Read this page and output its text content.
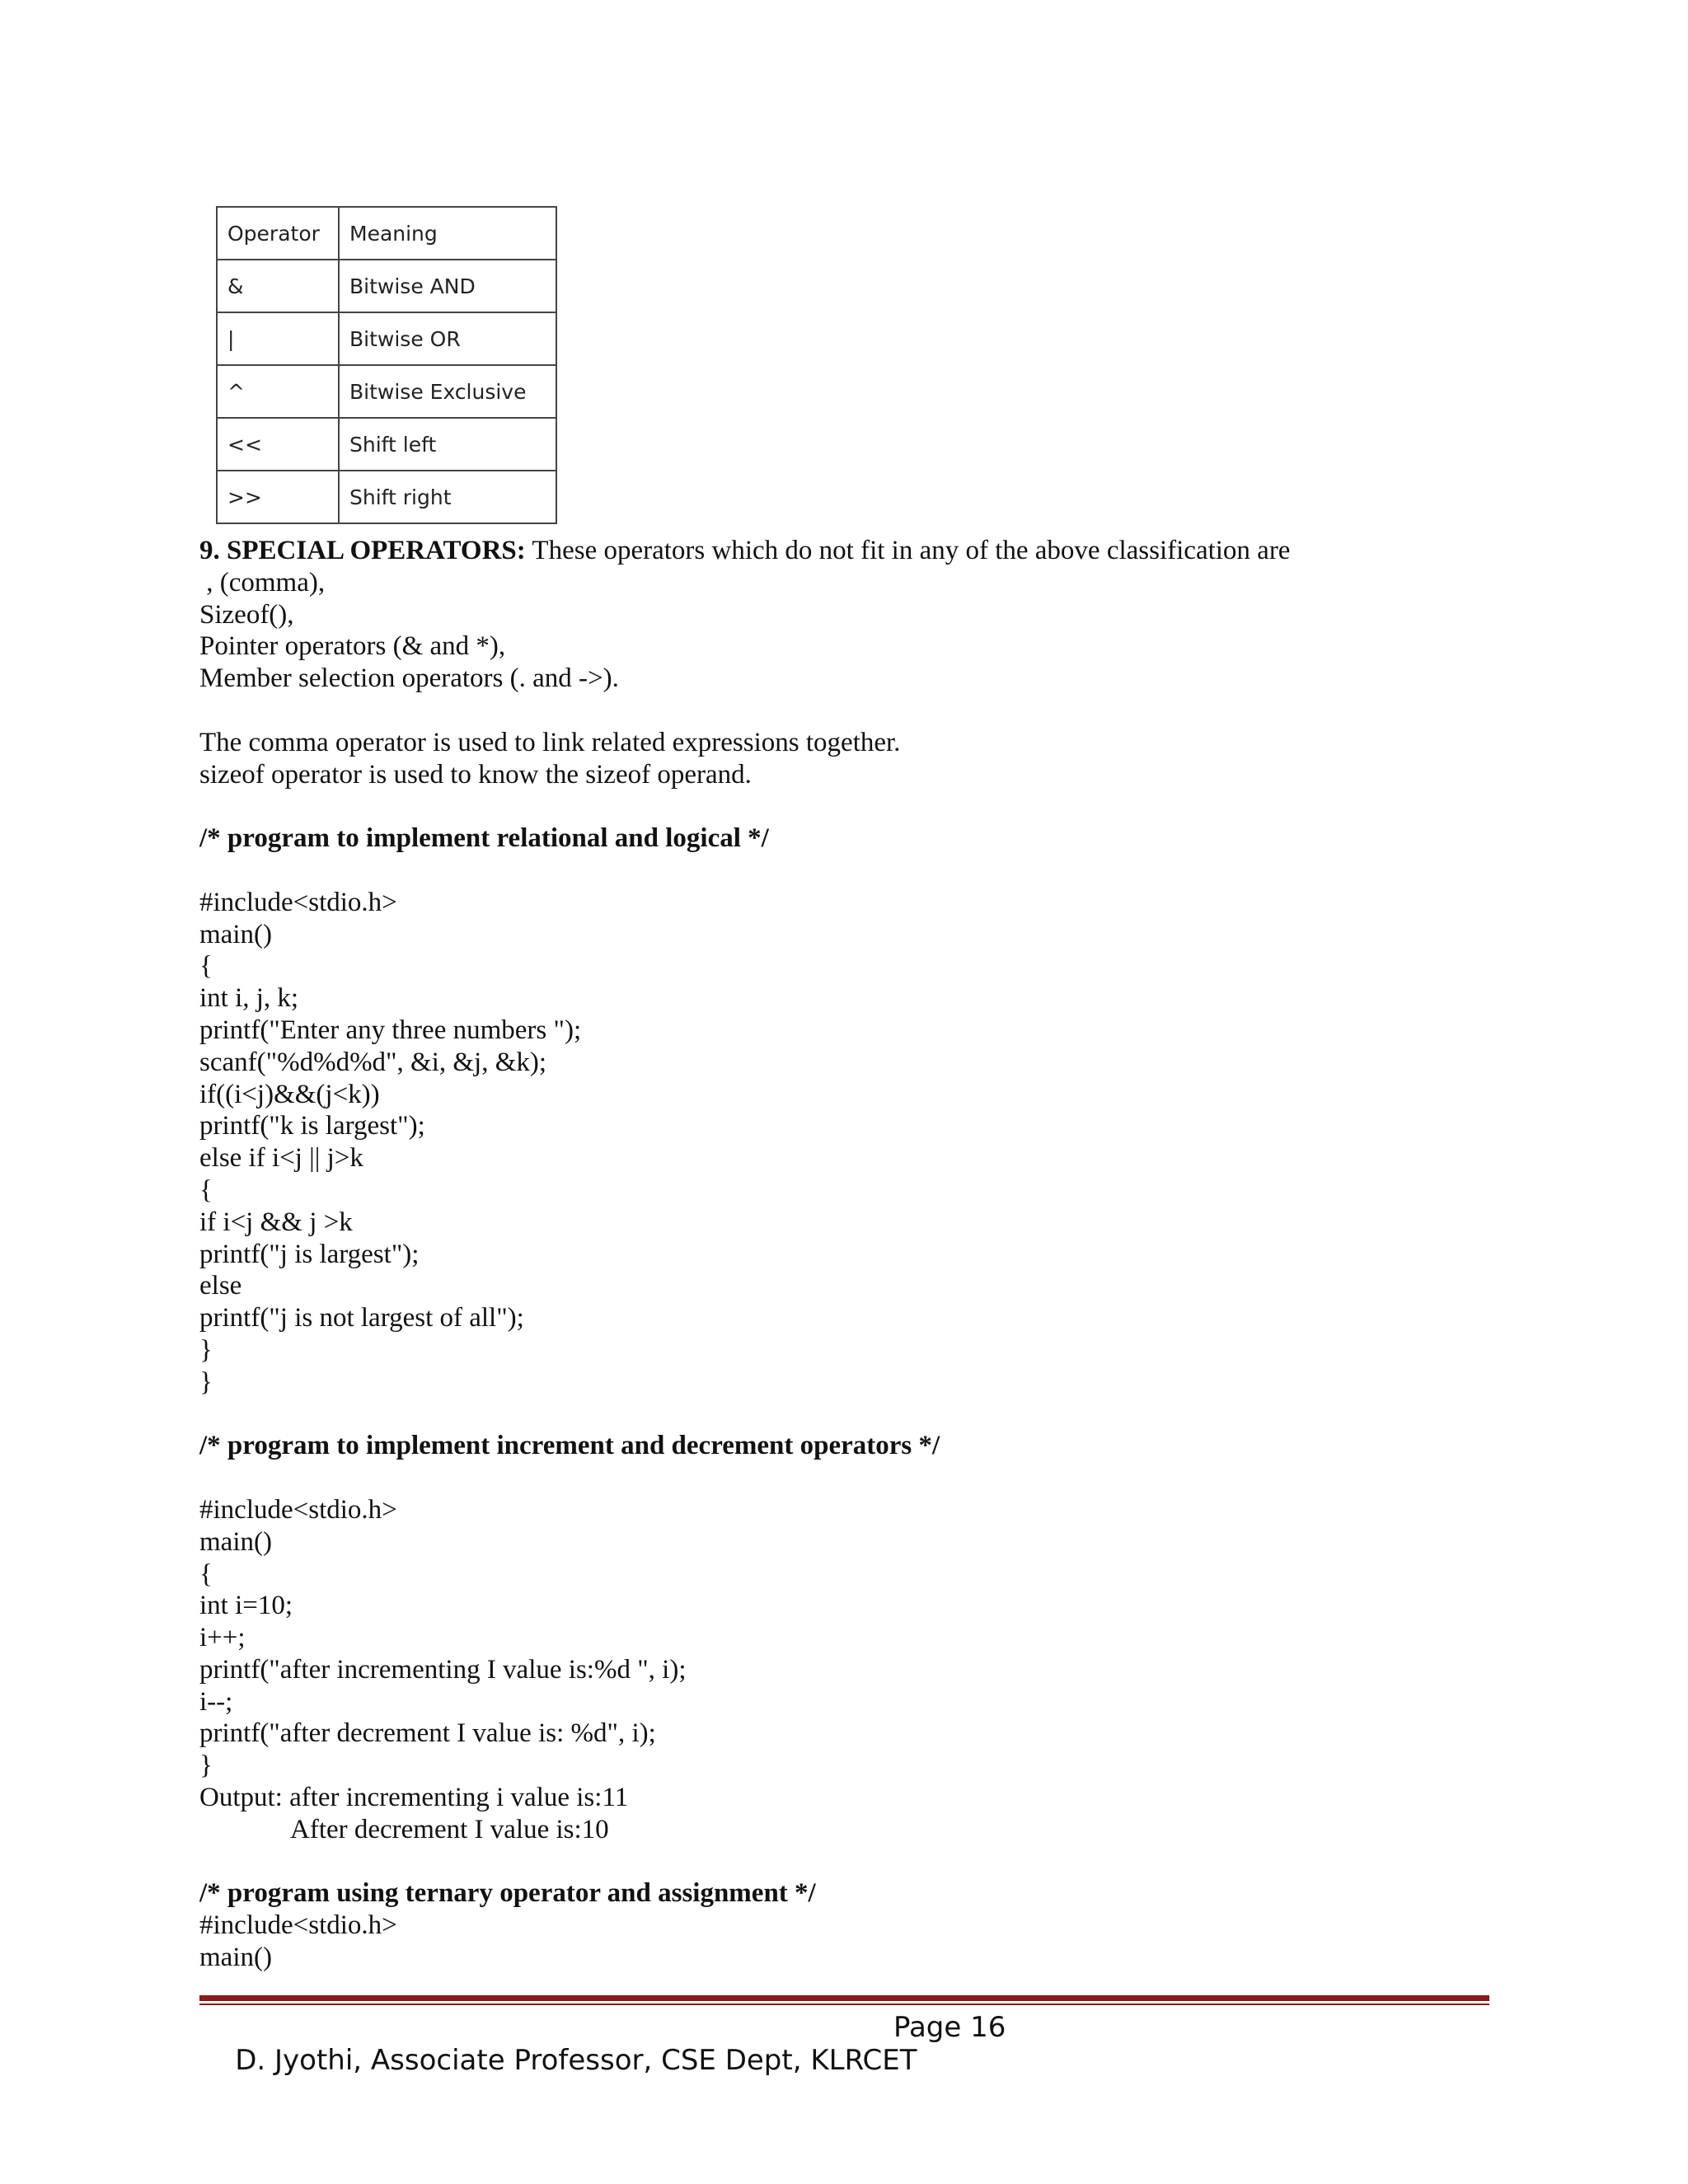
Operator	Meaning
&	Bitwise AND
|	Bitwise OR
^	Bitwise Exclusive
<<	Shift left
>>	Shift right
9. SPECIAL OPERATORS: These operators which do not fit in any of the above classification are
, (comma),
Sizeof(),
Pointer operators (& and *),
Member selection operators (. and ->).
The comma operator is used to link related expressions together.
sizeof operator is used to know the sizeof operand.
/* program to implement relational and logical */
#include<stdio.h>
main()
{
int i, j, k;
printf("Enter any three numbers ");
scanf("%d%d%d", &i, &j, &k);
if((i<j)&&(j<k))
printf("k is largest");
else if i<j || j>k
{
if i<j && j >k
printf("j is largest");
else
printf("j is not largest of all");
}
}
/* program to implement increment and decrement operators */
#include<stdio.h>
main()
{
int i=10;
i++;
printf("after incrementing I value is:%d ", i);
i--;
printf("after decrement I value is: %d", i);
}
Output: after incrementing i value is:11
After decrement I value is:10
/* program using ternary operator and assignment */
#include<stdio.h>
main()

D. Jyothi, Associate Professor, CSE Dept, KLRCET

Page 16
